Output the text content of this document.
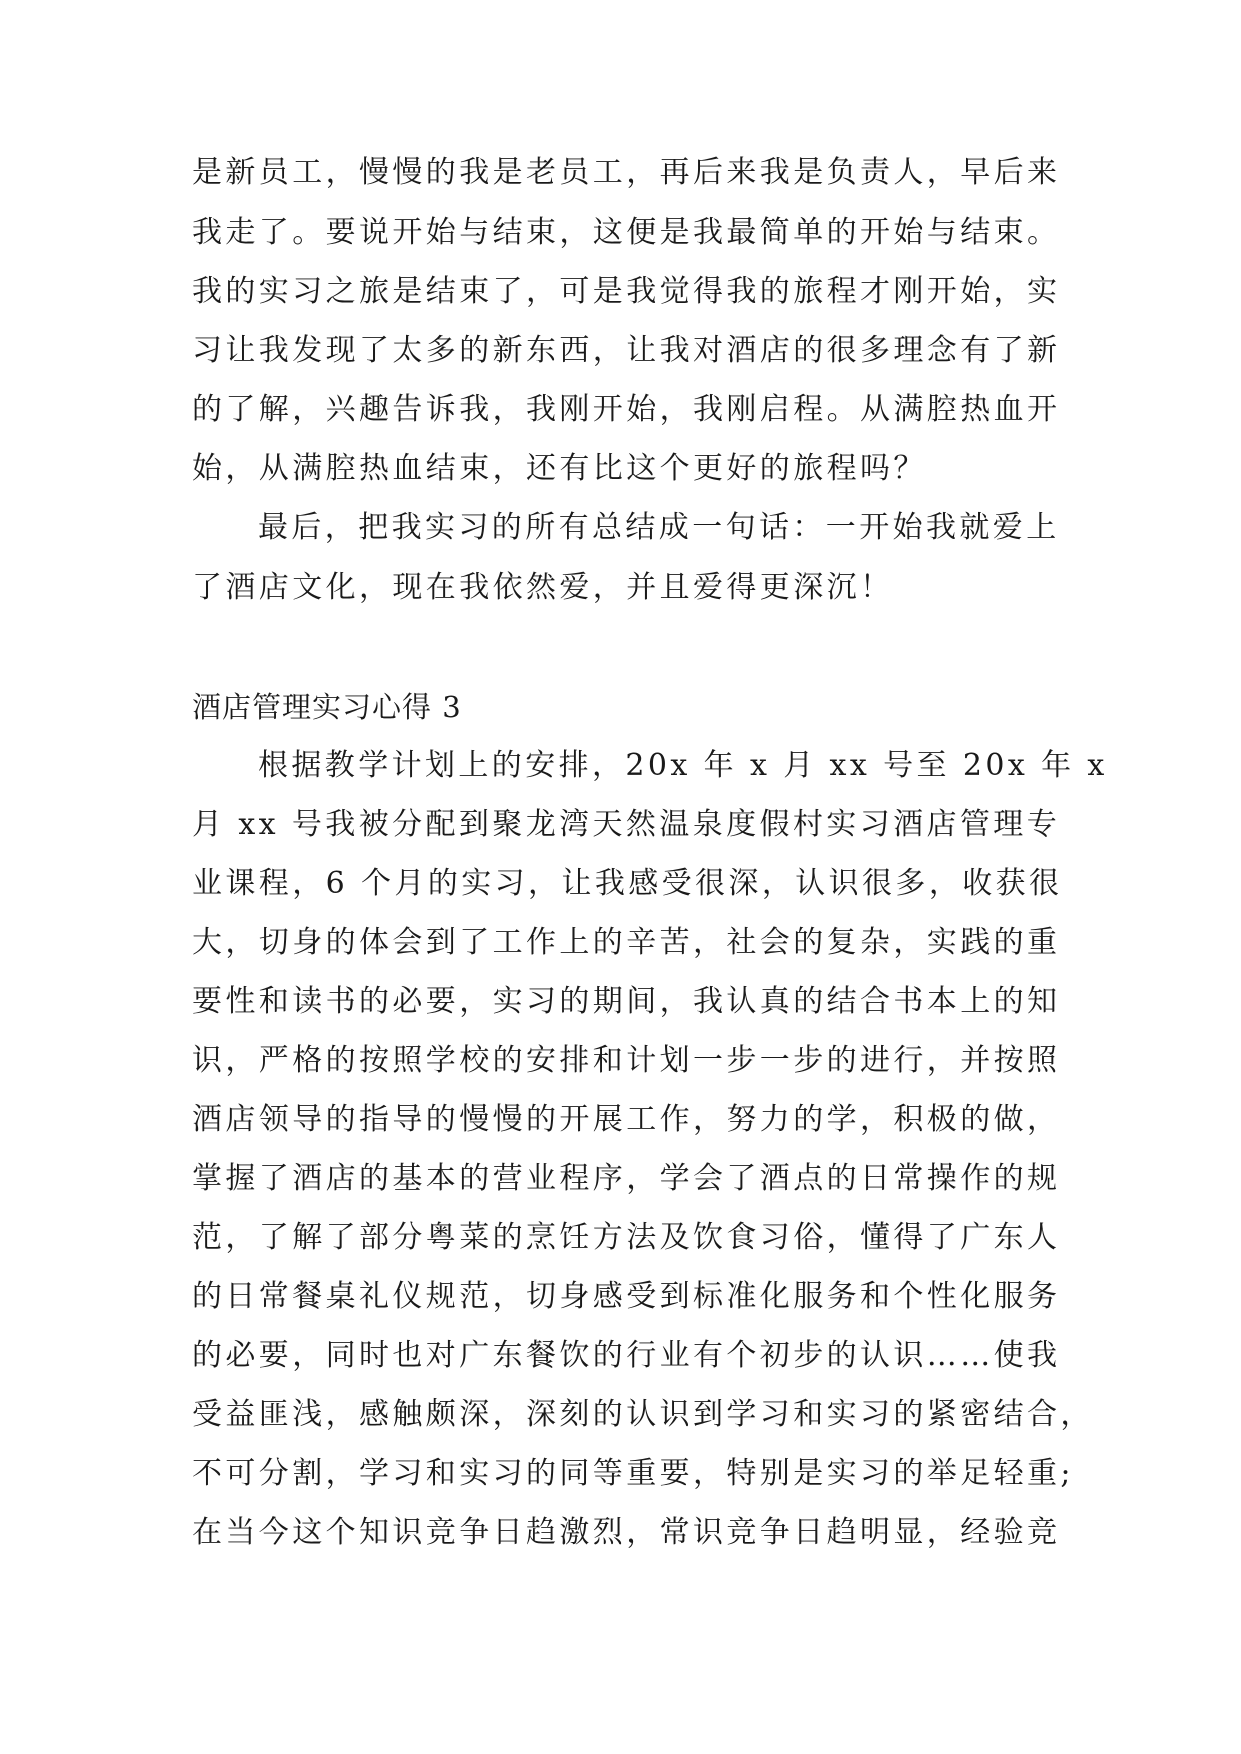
是新员工，慢慢的我是老员工，再后来我是负责人，早后来
我走了。要说开始与结束，这便是我最简单的开始与结束。
我的实习之旅是结束了，可是我觉得我的旅程才刚开始，实
习让我发现了太多的新东西，让我对酒店的很多理念有了新
的了解，兴趣告诉我，我刚开始，我刚启程。从满腔热血开
始，从满腔热血结束，还有比这个更好的旅程吗？
最后，把我实习的所有总结成一句话：一开始我就爱上
了酒店文化，现在我依然爱，并且爱得更深沉！
酒店管理实习心得 3
根据教学计划上的安排，20x 年 x 月 xx 号至 20x 年 x
月 xx 号我被分配到聚龙湾天然温泉度假村实习酒店管理专
业课程，6 个月的实习，让我感受很深，认识很多，收获很
大，切身的体会到了工作上的辛苦，社会的复杂，实践的重
要性和读书的必要，实习的期间，我认真的结合书本上的知
识，严格的按照学校的安排和计划一步一步的进行，并按照
酒店领导的指导的慢慢的开展工作，努力的学，积极的做，
掌握了酒店的基本的营业程序，学会了酒点的日常操作的规
范，了解了部分粤菜的烹饪方法及饮食习俗，懂得了广东人
的日常餐桌礼仪规范，切身感受到标准化服务和个性化服务
的必要，同时也对广东餐饮的行业有个初步的认识……使我
受益匪浅，感触颇深，深刻的认识到学习和实习的紧密结合，
不可分割，学习和实习的同等重要，特别是实习的举足轻重;
在当今这个知识竞争日趋激烈，常识竞争日趋明显，经验竞
